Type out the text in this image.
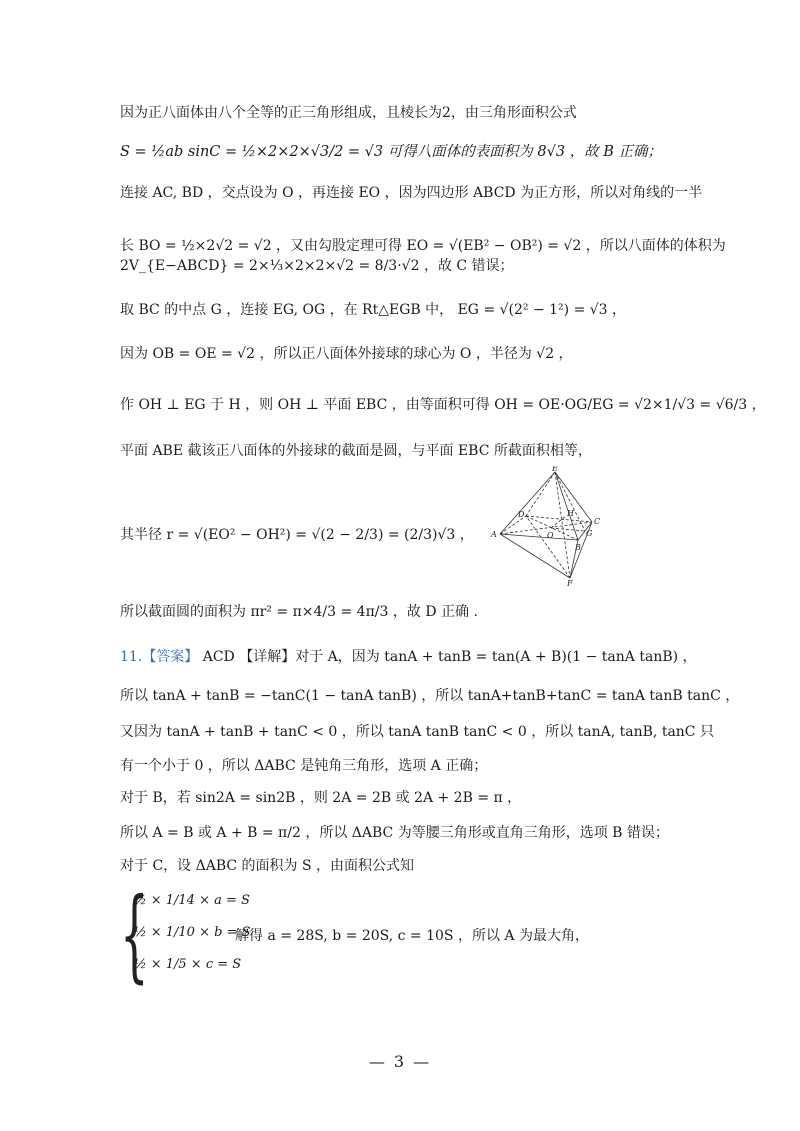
因为正八面体由八个全等的正三角形组成，且棱长为2，由三角形面积公式
S = ½ab sinC = ½×2×2×√3/2 = √3 可得八面体的表面积为 8√3 ，故 B 正确；
连接 AC, BD ，交点设为 O ，再连接 EO ，因为四边形 ABCD 为正方形，所以对角线的一半
长 BO = ½×2√2 = √2 ，又由勾股定理可得 EO = √(EB² − OB²) = √2 ，所以八面体的体积为
2V_{E−ABCD} = 2×⅓×2×2×√2 = 8/3·√2 ，故 C 错误；
取 BC 的中点 G ，连接 EG, OG ，在 Rt△EGB 中， EG = √(2² − 1²) = √3 ，
因为 OB = OE = √2 ，所以正八面体外接球的球心为 O ，半径为 √2 ，
作 OH ⊥ EG 于 H ，则 OH ⊥ 平面 EBC ，由等面积可得 OH = OE·OG/EG = √2×1/√3 = √6/3 ，
平面 ABE 截该正八面体的外接球的截面是圆，与平面 EBC 所截面积相等，
其半径 r = √(EO² − OH²) = √(2 − 2/3) = (2/3)√3 ，
所以截面圆的面积为 πr² = π×4/3 = 4π/3 ，故 D 正确 .
11.【答案】 ACD 【详解】对于 A，因为 tanA + tanB = tan(A + B)(1 − tanA tanB) ，
所以 tanA + tanB = −tanC(1 − tanA tanB) ，所以 tanA+tanB+tanC = tanA tanB tanC ，
又因为 tanA + tanB + tanC < 0 ，所以 tanA tanB tanC < 0 ，所以 tanA, tanB, tanC 只
有一个小于 0 ，所以 ΔABC 是钝角三角形，选项 A 正确；
对于 B，若 sin2A = sin2B ，则 2A = 2B 或 2A + 2B = π ，
所以 A = B 或 A + B = π/2 ，所以 ΔABC 为等腰三角形或直角三角形，选项 B 错误；
对于 C，设 ΔABC 的面积为 S ，由面积公式知
{
½ × 1/14 × a = S
½ × 1/10 × b = S
½ × 1/5 × c = S
解得 a = 28S, b = 20S, c = 10S ，所以 A 为最大角，
E
F
A
B
C
D
O
H
G
— 3 —
